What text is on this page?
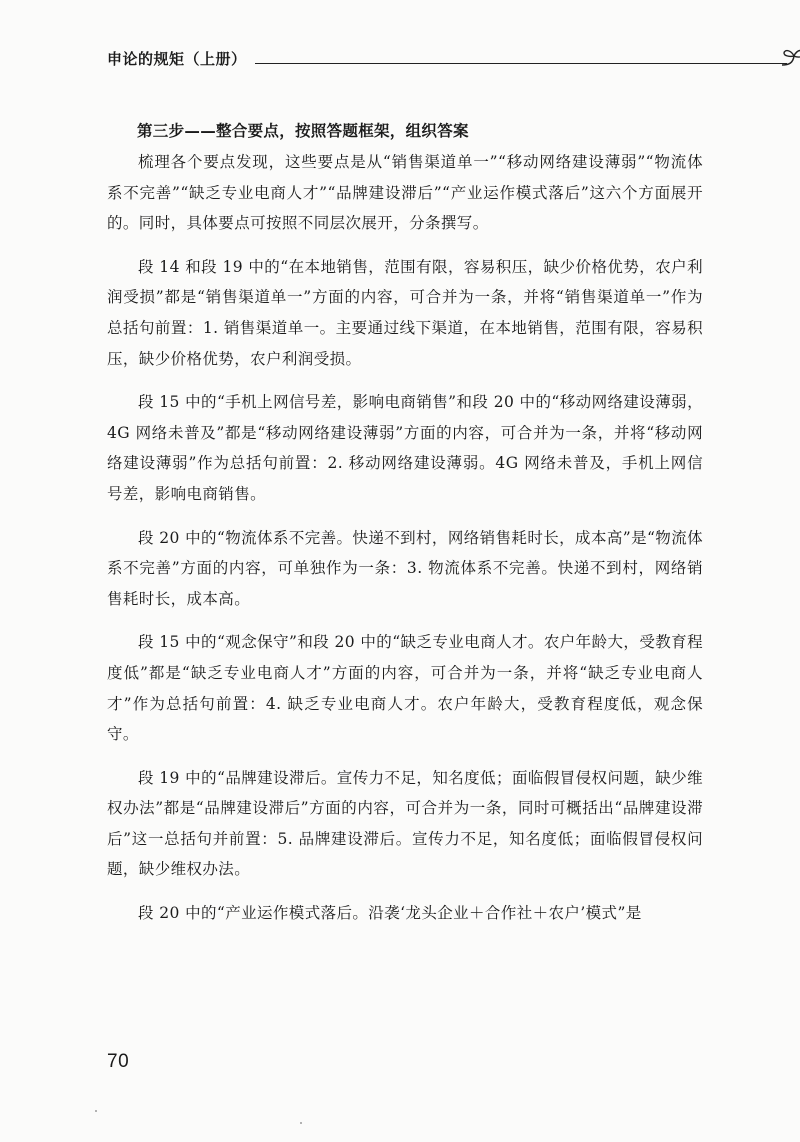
申论的规矩（上册）
第三步——整合要点，按照答题框架，组织答案

梳理各个要点发现，这些要点是从“销售渠道单一”“移动网络建设薄弱”“物流体系不完善”“缺乏专业电商人才”“品牌建设滞后”“产业运作模式落后”这六个方面展开的。同时，具体要点可按照不同层次展开，分条撰写。

段 14 和段 19 中的“在本地销售，范围有限，容易积压，缺少价格优势，农户利润受损”都是“销售渠道单一”方面的内容，可合并为一条，并将“销售渠道单一”作为总括句前置：1. 销售渠道单一。主要通过线下渠道，在本地销售，范围有限，容易积压，缺少价格优势，农户利润受损。

段 15 中的“手机上网信号差，影响电商销售”和段 20 中的“移动网络建设薄弱，4G 网络未普及”都是“移动网络建设薄弱”方面的内容，可合并为一条，并将“移动网络建设薄弱”作为总括句前置：2. 移动网络建设薄弱。4G 网络未普及，手机上网信号差，影响电商销售。

段 20 中的“物流体系不完善。快递不到村，网络销售耗时长，成本高”是“物流体系不完善”方面的内容，可单独作为一条：3. 物流体系不完善。快递不到村，网络销售耗时长，成本高。

段 15 中的“观念保守”和段 20 中的“缺乏专业电商人才。农户年龄大，受教育程度低”都是“缺乏专业电商人才”方面的内容，可合并为一条，并将“缺乏专业电商人才”作为总括句前置：4. 缺乏专业电商人才。农户年龄大，受教育程度低，观念保守。

段 19 中的“品牌建设滞后。宣传力不足，知名度低；面临假冒侵权问题，缺少维权办法”都是“品牌建设滞后”方面的内容，可合并为一条，同时可概括出“品牌建设滞后”这一总括句并前置：5. 品牌建设滞后。宣传力不足，知名度低；面临假冒侵权问题，缺少维权办法。

段 20 中的“产业运作模式落后。沿袭‘龙头企业＋合作社＋农户’模式”是

70
